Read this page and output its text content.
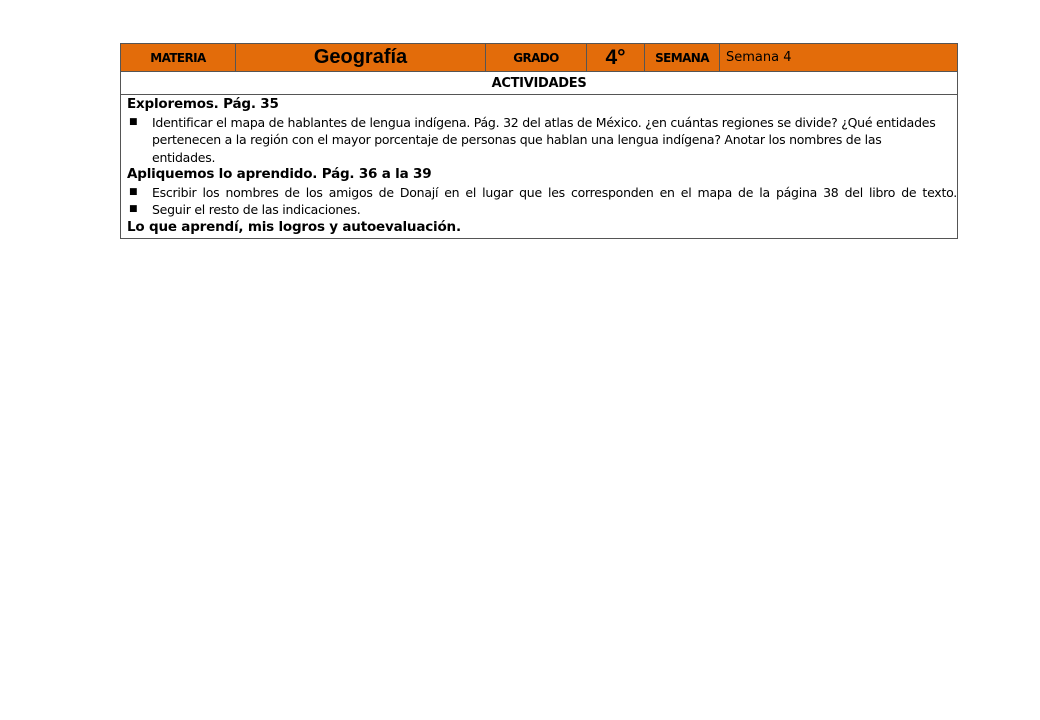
MATERIA	Geografía	GRADO	4°	SEMANA	Semana 4
ACTIVIDADES

Exploremos. Pág. 35
■ Identificar el mapa de hablantes de lengua indígena. Pág. 32 del atlas de México. ¿en cuántas regiones se divide? ¿Qué entidades pertenecen a la región con el mayor porcentaje de personas que hablan una lengua indígena? Anotar los nombres de las entidades.
Apliquemos lo aprendido. Pág. 36 a la 39
■ Escribir los nombres de los amigos de Donají en el lugar que les corresponden en el mapa de la página 38 del libro de texto.
■ Seguir el resto de las indicaciones.
Lo que aprendí, mis logros y autoevaluación.
